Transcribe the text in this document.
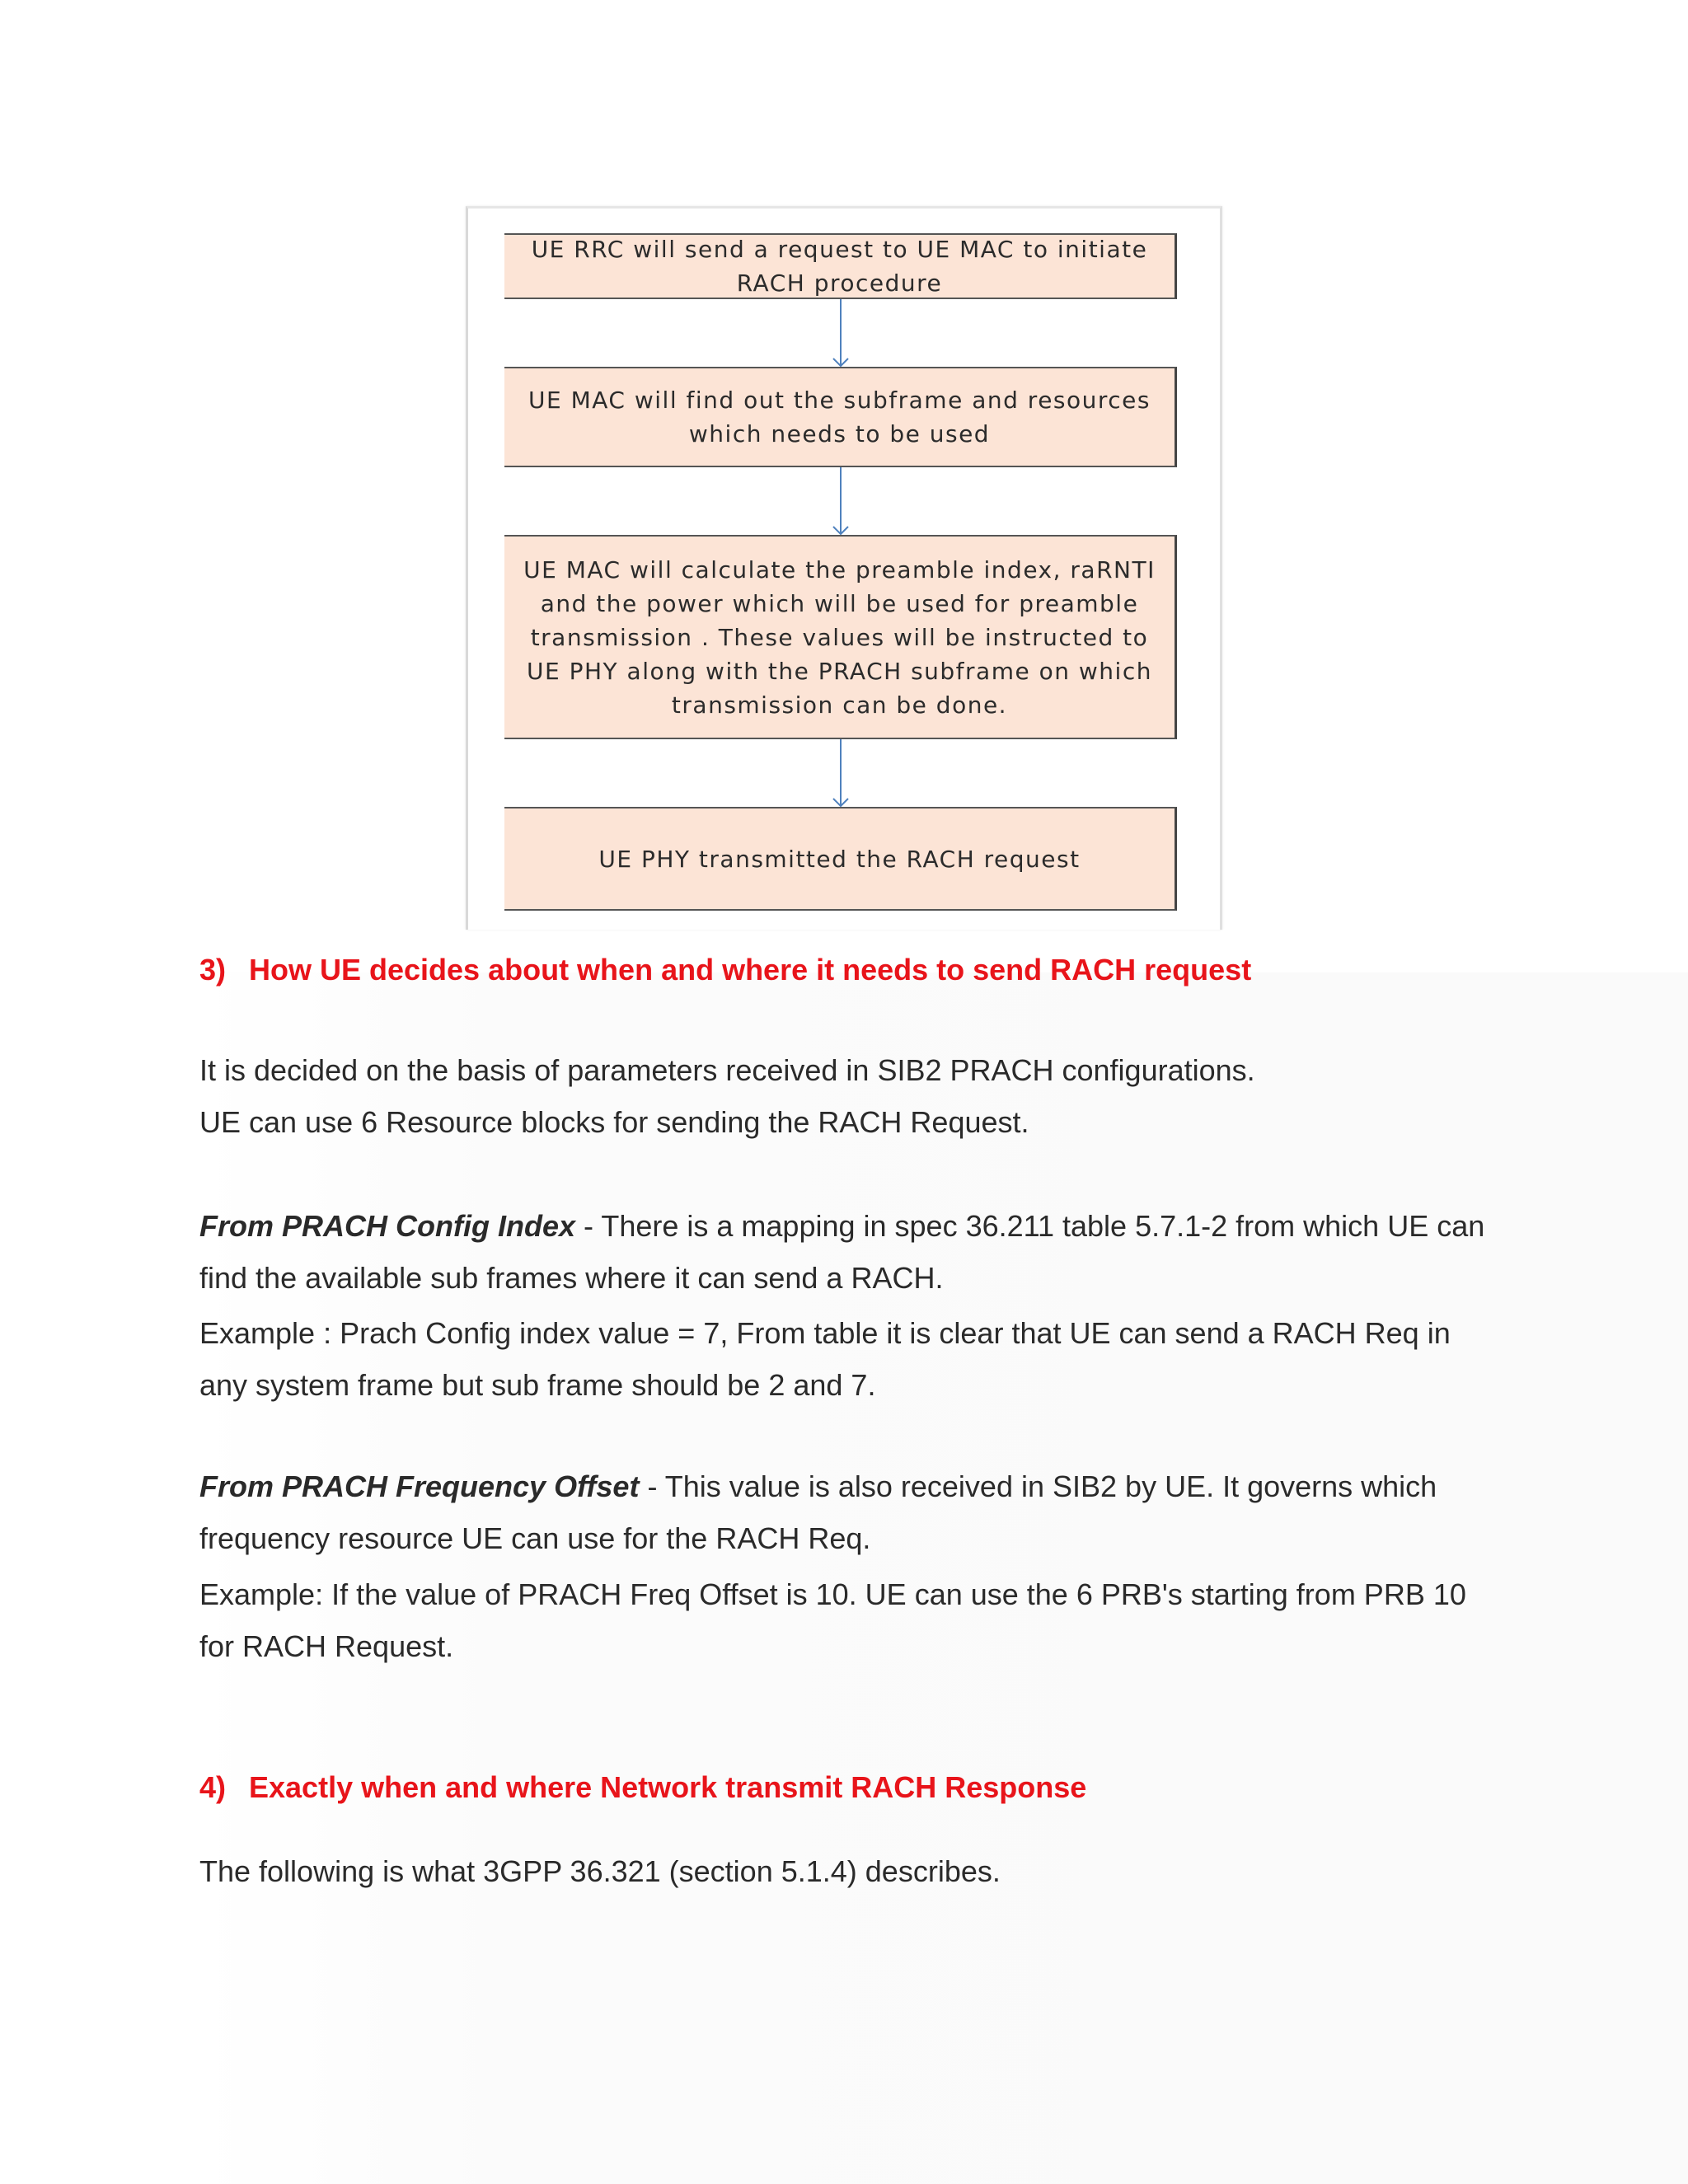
UE RRC will send a request to UE MAC to initiate RACH procedure
UE MAC will find out the subframe and resources which needs to be used
UE MAC will calculate the preamble index, raRNTI and the power which will be used for preamble transmission . These values will be instructed to UE PHY along with the PRACH subframe on which transmission can be done.
UE PHY transmitted the RACH request
3) How UE decides about when and where it needs to send RACH request

It is decided on the basis of parameters received in SIB2 PRACH configurations.

UE can use 6 Resource blocks for sending the RACH Request.

From PRACH Config Index - There is a mapping in spec 36.211 table 5.7.1-2 from which UE can find the available sub frames where it can send a RACH.

Example : Prach Config index value = 7, From table it is clear that UE can send a RACH Req in any system frame but sub frame should be 2 and 7.

From PRACH Frequency Offset - This value is also received in SIB2 by UE. It governs which frequency resource UE can use for the RACH Req.

Example: If the value of PRACH Freq Offset is 10. UE can use the 6 PRB's starting from PRB 10 for RACH Request.

4) Exactly when and where Network transmit RACH Response

The following is what 3GPP 36.321 (section 5.1.4) describes.
